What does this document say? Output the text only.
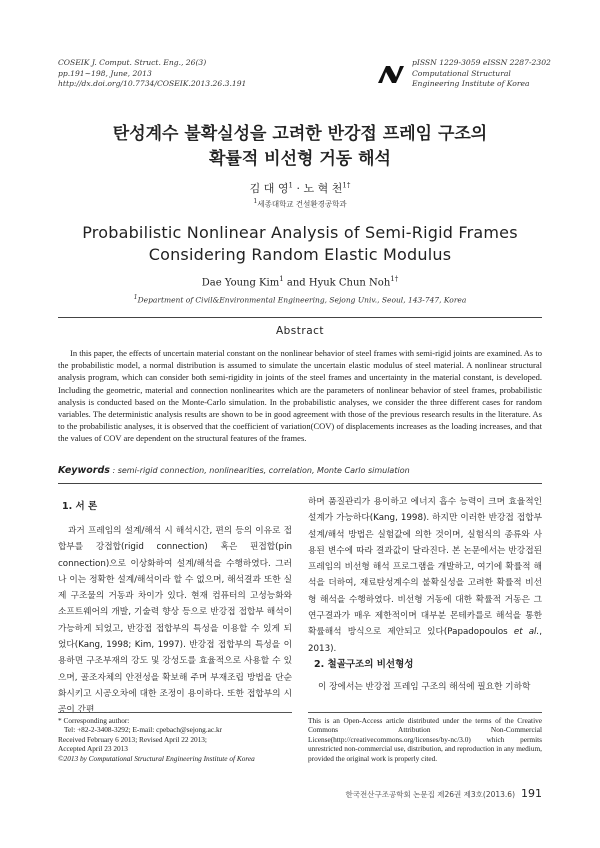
COSEIK J. Comput. Struct. Eng., 26(3)
pp.191~198, June, 2013
http://dx.doi.org/10.7734/COSEIK.2013.26.3.191
pISSN 1229-3059 eISSN 2287-2302
Computational Structural
Engineering Institute of Korea
탄성계수 불확실성을 고려한 반강접 프레임 구조의
확률적 비선형 거동 해석
김 대 영$^1$ · 노 혁 천$^{1\dagger}$
$^1$세종대학교 건설환경공학과
Probabilistic Nonlinear Analysis of Semi-Rigid Frames
Considering Random Elastic Modulus
Dae Young Kim$^1$ and Hyuk Chun Noh$^{1\dagger}$
$^1$Department of Civil&Environmental Engineering, Sejong Univ., Seoul, 143-747, Korea
Abstract
In this paper, the effects of uncertain material constant on the nonlinear behavior of steel frames with semi-rigid joints are examined. As to the probabilistic model, a normal distribution is assumed to simulate the uncertain elastic modulus of steel material. A nonlinear structural analysis program, which can consider both semi-rigidity in joints of the steel frames and uncertainty in the material constant, is developed. Including the geometric, material and connection nonlinearites which are the parameters of nonlinear behavior of steel frames, probabilistic analysis is conducted based on the Monte-Carlo simulation. In the probabilistic analyses, we consider the three different cases for random variables. The deterministic analysis results are shown to be in good agreement with those of the previous research results in the literature. As to the probabilistic analyses, it is observed that the coefficient of variation(COV) of displacements increases as the loading increases, and that the values of COV are dependent on the structural features of the frames.
Keywords : semi-rigid connection, nonlinearities, correlation, Monte Carlo simulation
1. 서 론

과거 프레임의 설계/해석 시 해석시간, 편의 등의 이유로 접합부를 강접합(rigid connection) 혹은 핀접합(pin connection)으로 이상화하여 설계/해석을 수행하였다. 그러나 이는 정확한 설계/해석이라 할 수 없으며, 해석결과 또한 실제 구조물의 거동과 차이가 있다. 현재 컴퓨터의 고성능화와 소프트웨어의 개발, 기술력 향상 등으로 반강접 접합부 해석이 가능하게 되었고, 반강접 접합부의 특성을 이용할 수 있게 되었다(Kang, 1998; Kim, 1997). 반강접 접합부의 특성을 이용하면 구조부재의 강도 및 강성도를 효율적으로 사용할 수 있으며, 골조자체의 안전성을 확보해 주며 부재조립 방법을 단순화시키고 시공오차에 대한 조정이 용이하다. 또한 접합부의 시공이 간편

하며 품질관리가 용이하고 에너지 흡수 능력이 크며 효율적인 설계가 가능하다(Kang, 1998). 하지만 이러한 반강접 접합부 설계/해석 방법은 실험값에 의한 것이며, 실험식의 종류와 사용된 변수에 따라 결과값이 달라진다. 본 논문에서는 반강접된 프레임의 비선형 해석 프로그램을 개발하고, 여기에 확률적 해석을 더하여, 재료탄성계수의 불확실성을 고려한 확률적 비선형 해석을 수행하였다. 비선형 거동에 대한 확률적 거동은 그 연구결과가 매우 제한적이며 대부분 몬테카를로 해석을 통한 확률해석 방식으로 제안되고 있다(Papadopoulos et al., 2013).

2. 철골구조의 비선형성

이 장에서는 반강접 프레임 구조의 해석에 필요한 기하학

* Corresponding author:
Tel: +82-2-3408-3292; E-mail: cpebach@sejong.ac.kr
Received February 6 2013; Revised April 22 2013;
Accepted April 23 2013
©2013 by Computational Structural Engineering Institute of Korea
This is an Open-Access article distributed under the terms of the Creative Commons Attribution Non-Commercial License(http://creativecommons.org/licenses/by-nc/3.0) which permits unrestricted non-commercial use, distribution, and reproduction in any medium, provided the original work is properly cited.
한국전산구조공학회 논문집 제26권 제3호(2013.6) 191
